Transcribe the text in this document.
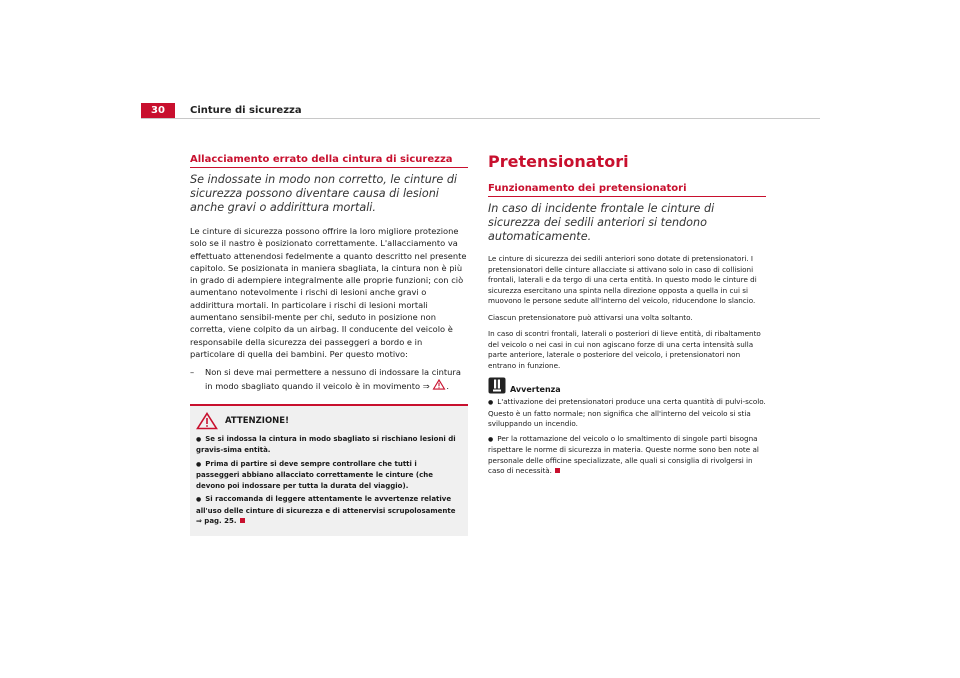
30	Cinture di sicurezza
Allacciamento errato della cintura di sicurezza

Se indossate in modo non corretto, le cinture di sicurezza possono diventare causa di lesioni anche gravi o addirittura mortali.

Le cinture di sicurezza possono offrire la loro migliore protezione solo se il nastro è posizionato correttamente. L'allacciamento va effettuato attenendosi fedelmente a quanto descritto nel presente capitolo. Se posizionata in maniera sbagliata, la cintura non è più in grado di adempiere integralmente alle proprie funzioni; con ciò aumentano notevolmente i rischi di lesioni anche gravi o addirittura mortali. In particolare i rischi di lesioni mortali aumentano sensibil-mente per chi, seduto in posizione non corretta, viene colpito da un airbag. Il conducente del veicolo è responsabile della sicurezza dei passeggeri a bordo e in particolare di quella dei bambini. Per questo motivo:

– Non si deve mai permettere a nessuno di indossare la cintura in modo sbagliato quando il veicolo è in movimento ⇒ .
ATTENZIONE!
● Se si indossa la cintura in modo sbagliato si rischiano lesioni di gravis-sima entità.
● Prima di partire si deve sempre controllare che tutti i passeggeri abbiano allacciato correttamente le cinture (che devono poi indossare per tutta la durata del viaggio).
● Si raccomanda di leggere attentamente le avvertenze relative all'uso delle cinture di sicurezza e di attenervisi scrupolosamente ⇒ pag. 25.
Pretensionatori
Funzionamento dei pretensionatori

In caso di incidente frontale le cinture di sicurezza dei sedili anteriori si tendono automaticamente.

Le cinture di sicurezza dei sedili anteriori sono dotate di pretensionatori. I pretensionatori delle cinture allacciate si attivano solo in caso di collisioni frontali, laterali e da tergo di una certa entità. In questo modo le cinture di sicurezza esercitano una spinta nella direzione opposta a quella in cui si muovono le persone sedute all'interno del veicolo, riducendone lo slancio.

Ciascun pretensionatore può attivarsi una volta soltanto.

In caso di scontri frontali, laterali o posteriori di lieve entità, di ribaltamento del veicolo o nei casi in cui non agiscano forze di una certa intensità sulla parte anteriore, laterale o posteriore del veicolo, i pretensionatori non entrano in funzione.

Avvertenza
● L'attivazione dei pretensionatori produce una certa quantità di pulvi-scolo. Questo è un fatto normale; non significa che all'interno del veicolo si stia sviluppando un incendio.
● Per la rottamazione del veicolo o lo smaltimento di singole parti bisogna rispettare le norme di sicurezza in materia. Queste norme sono ben note al personale delle officine specializzate, alle quali si consiglia di rivolgersi in caso di necessità.
